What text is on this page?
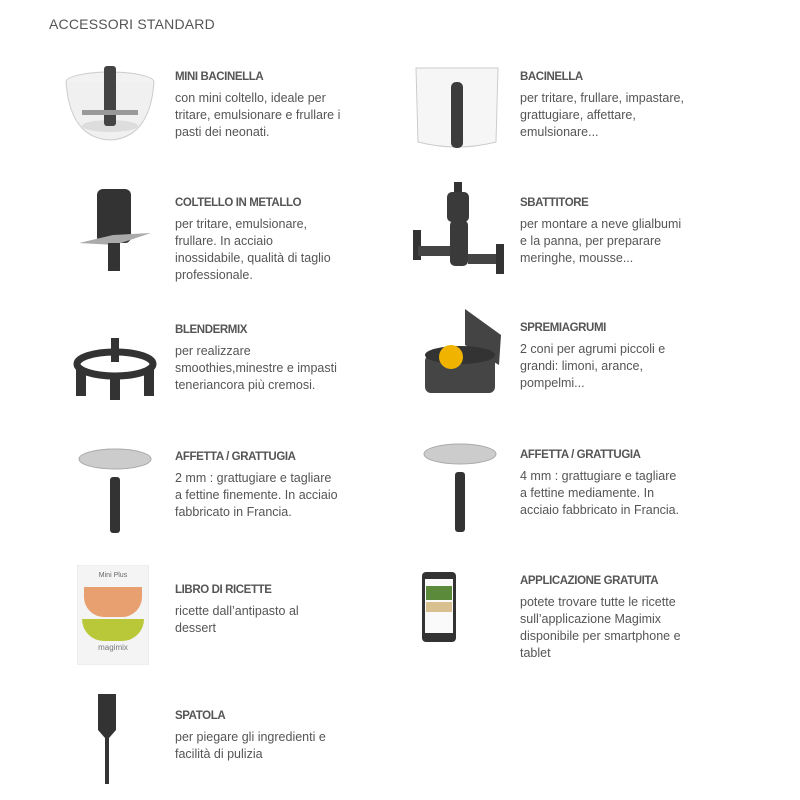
ACCESSORI STANDARD
Mini Plus
magimix
MINI BACINELLA
con mini coltello, ideale per
tritare, emulsionare e frullare i
pasti dei neonati.
BACINELLA
per tritare, frullare, impastare,
grattugiare, affettare,
emulsionare...
COLTELLO IN METALLO
per tritare, emulsionare,
frullare. In acciaio
inossidabile, qualità di taglio
professionale.
SBATTITORE
per montare a neve glialbumi
e la panna, per preparare
meringhe, mousse...
BLENDERMIX
per realizzare
smoothies,minestre e impasti
teneriancora più cremosi.
SPREMIAGRUMI
2 coni per agrumi piccoli e
grandi: limoni, arance,
pompelmi...
AFFETTA / GRATTUGIA
2 mm : grattugiare e tagliare
a fettine finemente. In acciaio
fabbricato in Francia.
AFFETTA / GRATTUGIA
4 mm : grattugiare e tagliare
a fettine mediamente. In
acciaio fabbricato in Francia.
LIBRO DI RICETTE
ricette dall’antipasto al
dessert
APPLICAZIONE GRATUITA
potete trovare tutte le ricette
sull’applicazione Magimix
disponibile per smartphone e
tablet
SPATOLA
per piegare gli ingredienti e
facilità di pulizia
